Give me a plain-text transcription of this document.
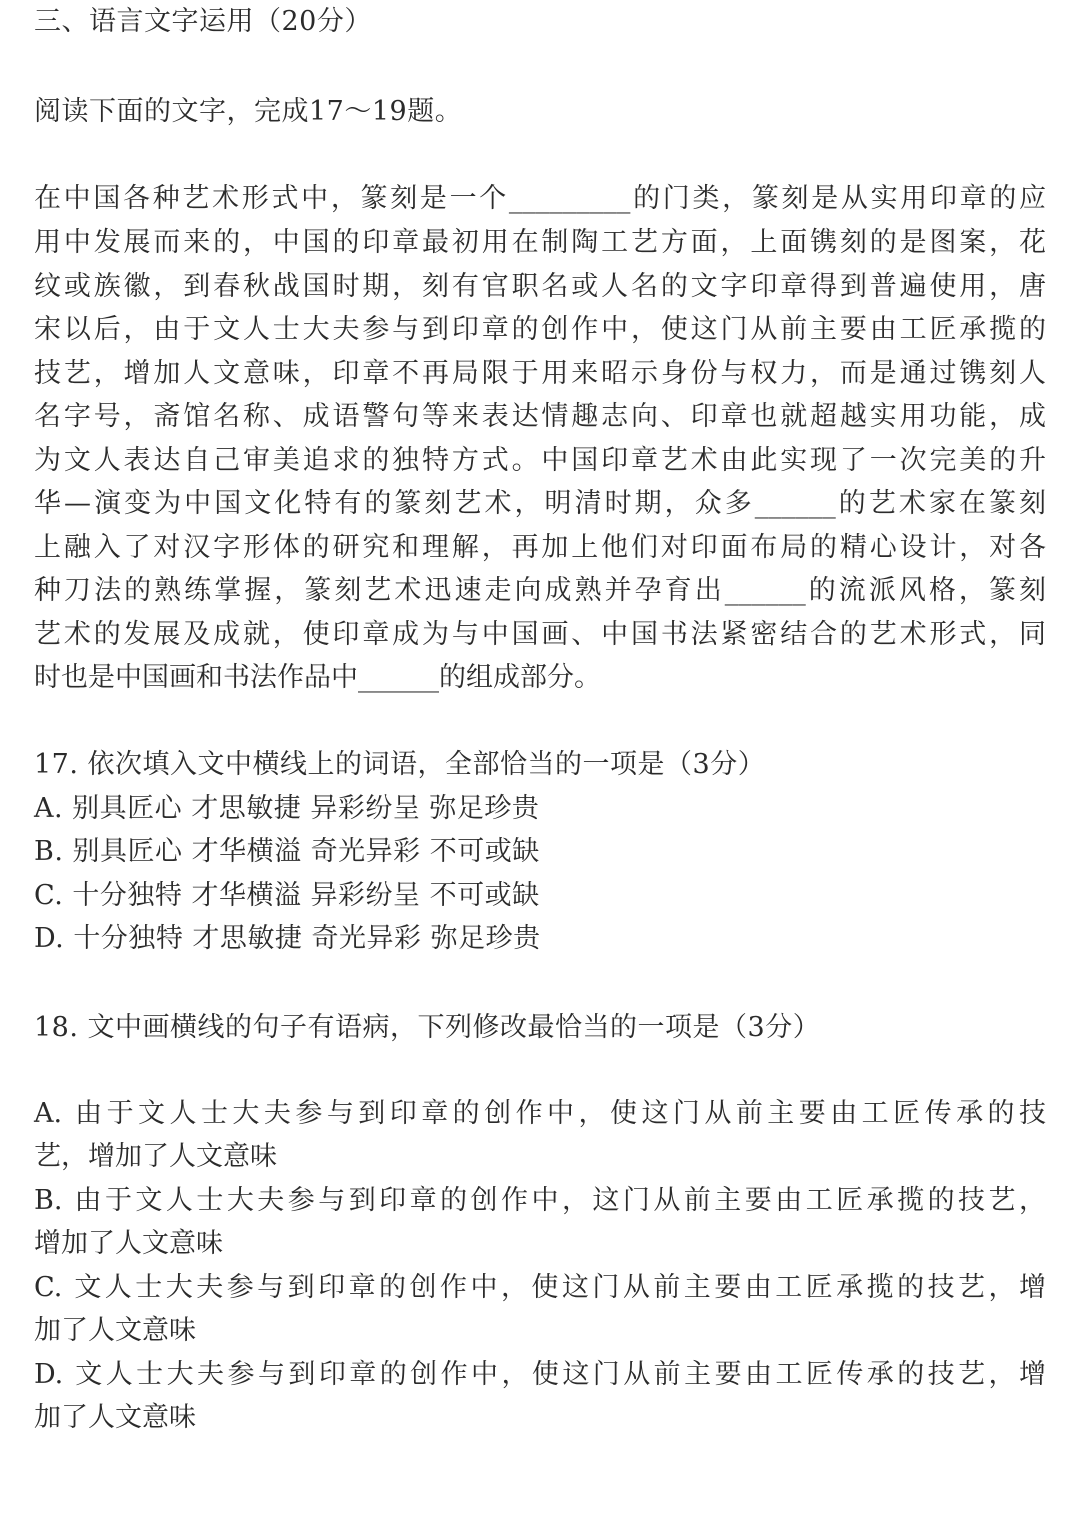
三、语言文字运用（20分）
阅读下面的文字，完成17～19题。
在中国各种艺术形式中，篆刻是一个_________的门类，篆刻是从实用印章的应
用中发展而来的，中国的印章最初用在制陶工艺方面，上面镌刻的是图案，花
纹或族徽，到春秋战国时期，刻有官职名或人名的文字印章得到普遍使用，唐
宋以后，由于文人士大夫参与到印章的创作中，使这门从前主要由工匠承揽的
技艺，增加人文意味，印章不再局限于用来昭示身份与权力，而是通过镌刻人
名字号，斋馆名称、成语警句等来表达情趣志向、印章也就超越实用功能，成
为文人表达自己审美追求的独特方式。中国印章艺术由此实现了一次完美的升
华—演变为中国文化特有的篆刻艺术，明清时期，众多______的艺术家在篆刻
上融入了对汉字形体的研究和理解，再加上他们对印面布局的精心设计，对各
种刀法的熟练掌握，篆刻艺术迅速走向成熟并孕育出______的流派风格，篆刻
艺术的发展及成就，使印章成为与中国画、中国书法紧密结合的艺术形式，同
时也是中国画和书法作品中______的组成部分。
17. 依次填入文中横线上的词语，全部恰当的一项是（3分）
A. 别具匠心 才思敏捷 异彩纷呈 弥足珍贵
B. 别具匠心 才华横溢 奇光异彩 不可或缺
C. 十分独特 才华横溢 异彩纷呈 不可或缺
D. 十分独特 才思敏捷 奇光异彩 弥足珍贵
18. 文中画横线的句子有语病，下列修改最恰当的一项是（3分）
A. 由于文人士大夫参与到印章的创作中，使这门从前主要由工匠传承的技
艺，增加了人文意味
B. 由于文人士大夫参与到印章的创作中，这门从前主要由工匠承揽的技艺，
增加了人文意味
C. 文人士大夫参与到印章的创作中，使这门从前主要由工匠承揽的技艺，增
加了人文意味
D. 文人士大夫参与到印章的创作中，使这门从前主要由工匠传承的技艺，增
加了人文意味
